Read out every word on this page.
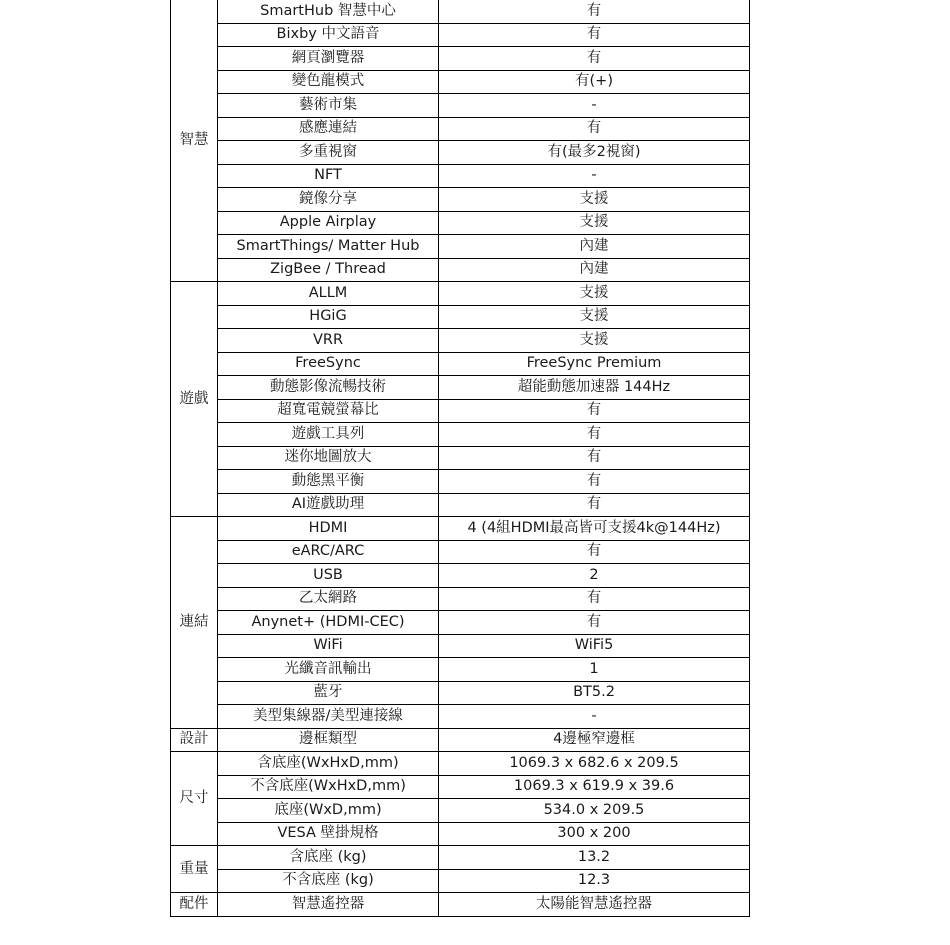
智慧	SmartHub 智慧中心	有
	Bixby 中文語音	有
	網頁瀏覽器	有
	變色龍模式	有(+)
	藝術市集	-
	感應連結	有
	多重視窗	有(最多2視窗)
	NFT	-
	鏡像分享	支援
	Apple Airplay	支援
	SmartThings/ Matter Hub	內建
	ZigBee / Thread	內建
遊戲	ALLM	支援
	HGiG	支援
	VRR	支援
	FreeSync	FreeSync Premium
	動態影像流暢技術	超能動態加速器 144Hz
	超寬電競螢幕比	有
	遊戲工具列	有
	迷你地圖放大	有
	動態黑平衡	有
	AI遊戲助理	有
連結	HDMI	4 (4組HDMI最高皆可支援4k@144Hz)
	eARC/ARC	有
	USB	2
	乙太網路	有
	Anynet+ (HDMI-CEC)	有
	WiFi	WiFi5
	光纖音訊輸出	1
	藍牙	BT5.2
	美型集線器/美型連接線	-
設計	邊框類型	4邊極窄邊框
尺寸	含底座(WxHxD,mm)	1069.3 x 682.6 x 209.5
	不含底座(WxHxD,mm)	1069.3 x 619.9 x 39.6
	底座(WxD,mm)	534.0 x 209.5
	VESA 壁掛規格	300 x 200
重量	含底座 (kg)	13.2
	不含底座 (kg)	12.3
配件	智慧遙控器	太陽能智慧遙控器
